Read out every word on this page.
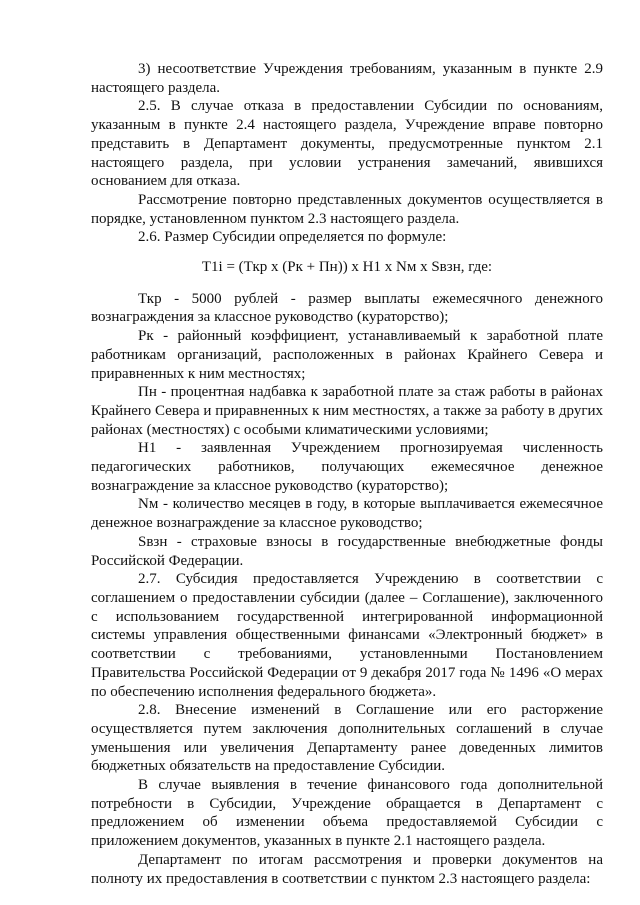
3) несоответствие Учреждения требованиям, указанным в пункте 2.9 настоящего раздела.

2.5. В случае отказа в предоставлении Субсидии по основаниям, указанным в пункте 2.4 настоящего раздела, Учреждение вправе повторно представить в Департамент документы, предусмотренные пунктом 2.1 настоящего раздела, при условии устранения замечаний, явившихся основанием для отказа.

Рассмотрение повторно представленных документов осуществляется в порядке, установленном пунктом 2.3 настоящего раздела.

2.6. Размер Субсидии определяется по формуле:

T1i = (Ткр x (Рк + Пн)) x H1 x Nм x Sвзн, где:

Ткр - 5000 рублей - размер выплаты ежемесячного денежного вознаграждения за классное руководство (кураторство);

Рк - районный коэффициент, устанавливаемый к заработной плате работникам организаций, расположенных в районах Крайнего Севера и приравненных к ним местностях;

Пн - процентная надбавка к заработной плате за стаж работы в районах Крайнего Севера и приравненных к ним местностях, а также за работу в других районах (местностях) с особыми климатическими условиями;

H1 - заявленная Учреждением прогнозируемая численность педагогических работников, получающих ежемесячное денежное вознаграждение за классное руководство (кураторство);

Nм - количество месяцев в году, в которые выплачивается ежемесячное денежное вознаграждение за классное руководство;

Sвзн - страховые взносы в государственные внебюджетные фонды Российской Федерации.

2.7. Субсидия предоставляется Учреждению в соответствии с соглашением о предоставлении субсидии (далее – Соглашение), заключенного с использованием государственной интегрированной информационной системы управления общественными финансами «Электронный бюджет» в соответствии с требованиями, установленными Постановлением Правительства Российской Федерации от 9 декабря 2017 года № 1496 «О мерах по обеспечению исполнения федерального бюджета».

2.8. Внесение изменений в Соглашение или его расторжение осуществляется путем заключения дополнительных соглашений в случае уменьшения или увеличения Департаменту ранее доведенных лимитов бюджетных обязательств на предоставление Субсидии.

В случае выявления в течение финансового года дополнительной потребности в Субсидии, Учреждение обращается в Департамент с предложением об изменении объема предоставляемой Субсидии с приложением документов, указанных в пункте 2.1 настоящего раздела.

Департамент по итогам рассмотрения и проверки документов на полноту их предоставления в соответствии с пунктом 2.3 настоящего раздела:
